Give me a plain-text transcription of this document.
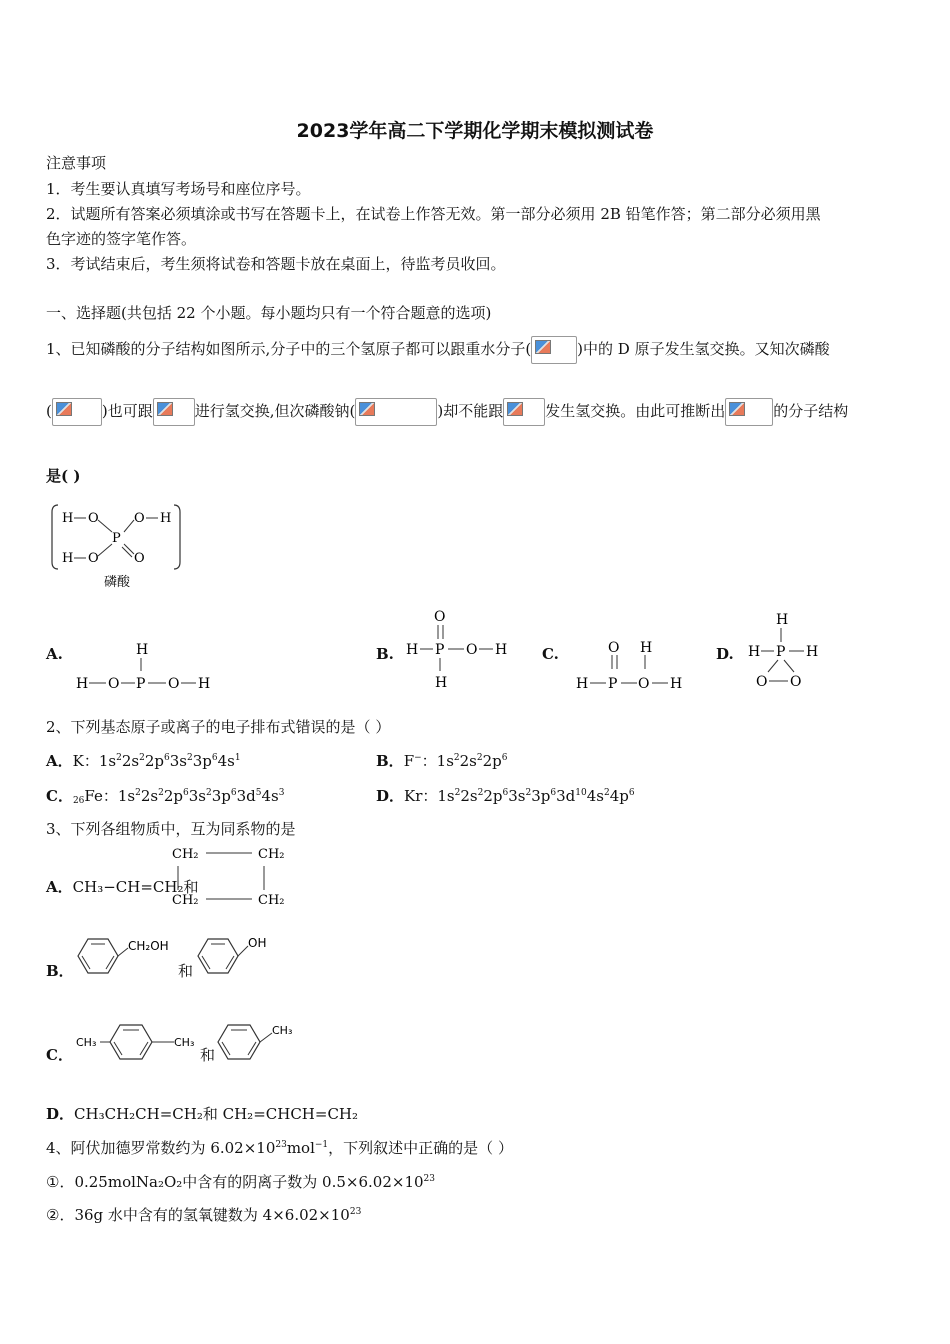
2023学年高二下学期化学期末模拟测试卷
注意事项
1．考生要认真填写考场号和座位序号。
2．试题所有答案必须填涂或书写在答题卡上，在试卷上作答无效。第一部分必须用 2B 铅笔作答；第二部分必须用黑
色字迹的签字笔作答。
3．考试结束后，考生须将试卷和答题卡放在桌面上，待监考员收回。
一、选择题(共包括 22 个小题。每小题均只有一个符合题意的选项)
1、已知磷酸的分子结构如图所示,分子中的三个氢原子都可以跟重水分子(	)中的 D 原子发生氢交换。又知次磷酸
(	)也可跟	进行氢交换,但次磷酸钠(	)却不能跟	发生氢交换。由此可推断出	的分子结构
是( )
H O
P
O H
H O	O
磷酸
A.	H
H O P O H
B.
O
H P O H
H
C.	O H
H P O H
D.
H
H P H
O O
2、下列基态原子或离子的电子排布式错误的是（ ）
A．K：$1s^22s^22p^63s^23p^64s^1$	B．F−：$1s^22s^22p^6$
C．$_{26}$Fe：$1s^22s^22p^63s^23p^63d^54s^3$	D．Kr：$1s^22s^22p^63s^23p^63d^{10}4s^24p^6$
3、下列各组物质中，互为同系物的是
A．CH₃−CH=CH₂和
CH₂	CH₂
CH₂	CH₂
B．
CH₂OH
和
OH
C．
CH₃	CH₃
和
CH₃
D．CH₃CH₂CH=CH₂和 CH₂=CHCH=CH₂
4、阿伏加德罗常数约为 $6.02\times 10^{23}mol^{-1}$，下列叙述中正确的是（ ）
①．0.25molNa₂O₂中含有的阴离子数为 $0.5\times 6.02\times 10^{23}$
②．36g 水中含有的氢氧键数为 $4\times 6.02\times 10^{23}$
